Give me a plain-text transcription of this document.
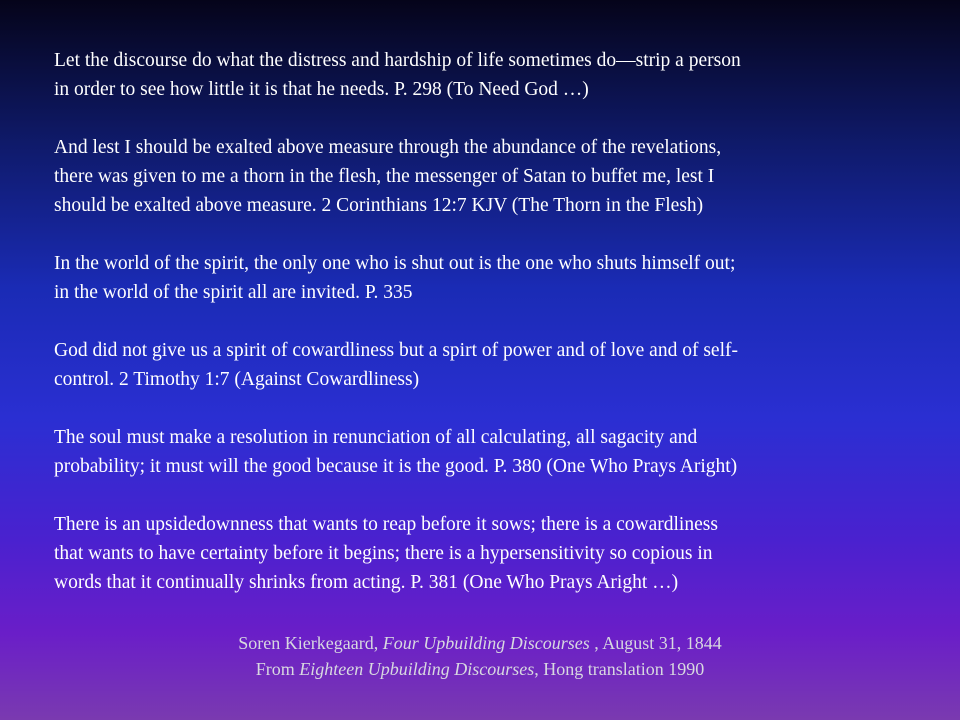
Let the discourse do what the distress and hardship of life sometimes do—strip a person
in order to see how little it is that he needs. P. 298 (To Need God …)

And lest I should be exalted above measure through the abundance of the revelations,
there was given to me a thorn in the flesh, the messenger of Satan to buffet me, lest I
should be exalted above measure. 2 Corinthians 12:7 KJV (The Thorn in the Flesh)

In the world of the spirit, the only one who is shut out is the one who shuts himself out;
in the world of the spirit all are invited. P. 335

God did not give us a spirit of cowardliness but a spirt of power and of love and of self-
control. 2 Timothy 1:7 (Against Cowardliness)

The soul must make a resolution in renunciation of all calculating, all sagacity and
probability; it must will the good because it is the good. P. 380 (One Who Prays Aright)

There is an upsidedownness that wants to reap before it sows; there is a cowardliness
that wants to have certainty before it begins; there is a hypersensitivity so copious in
words that it continually shrinks from acting. P. 381 (One Who Prays Aright …)

Soren Kierkegaard, Four Upbuilding Discourses , August 31, 1844
From Eighteen Upbuilding Discourses, Hong translation 1990
